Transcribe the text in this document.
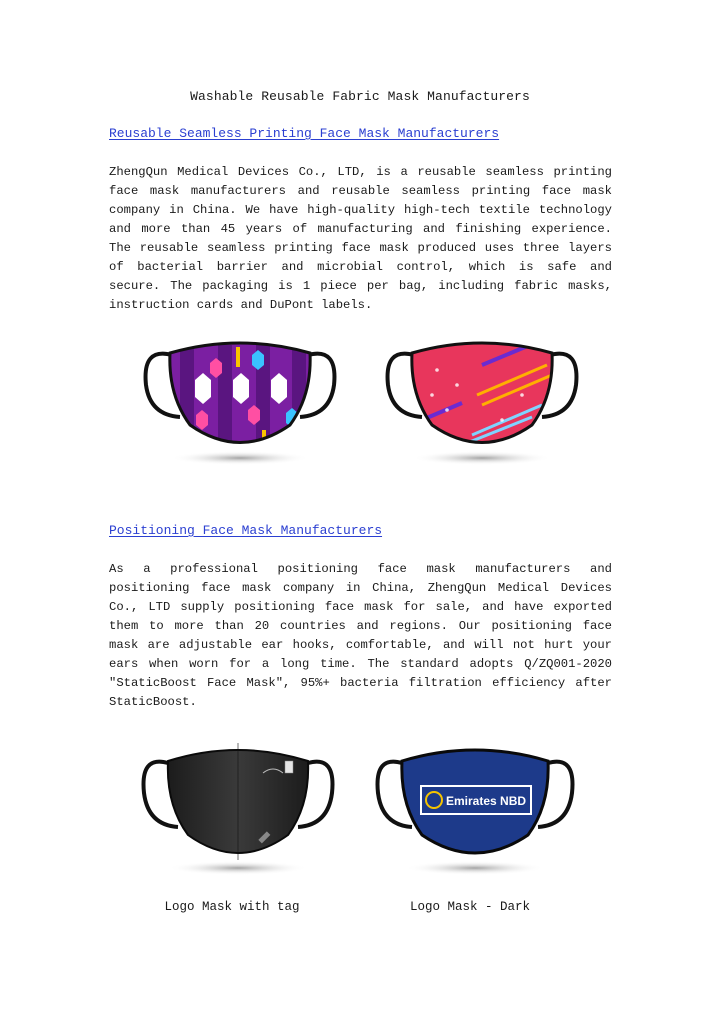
Washable Reusable Fabric Mask Manufacturers
Reusable Seamless Printing Face Mask Manufacturers

ZhengQun Medical Devices Co., LTD, is a reusable seamless printing face mask manufacturers and reusable seamless printing face mask company in China. We have high-quality high-tech textile technology and more than 45 years of manufacturing and finishing experience. The reusable seamless printing face mask produced uses three layers of bacterial barrier and microbial control, which is safe and secure. The packaging is 1 piece per bag, including fabric masks, instruction cards and DuPont labels.

Positioning Face Mask Manufacturers

As a professional positioning face mask manufacturers and positioning face mask company in China, ZhengQun Medical Devices Co., LTD supply positioning face mask for sale, and have exported them to more than 20 countries and regions. Our positioning face mask are adjustable ear hooks, comfortable, and will not hurt your ears when worn for a long time. The standard adopts Q/ZQ001-2020 "StaticBoost Face Mask", 95%+ bacteria filtration efficiency after StaticBoost.

Emirates NBD
Logo Mask with tag	Logo Mask - Dark
